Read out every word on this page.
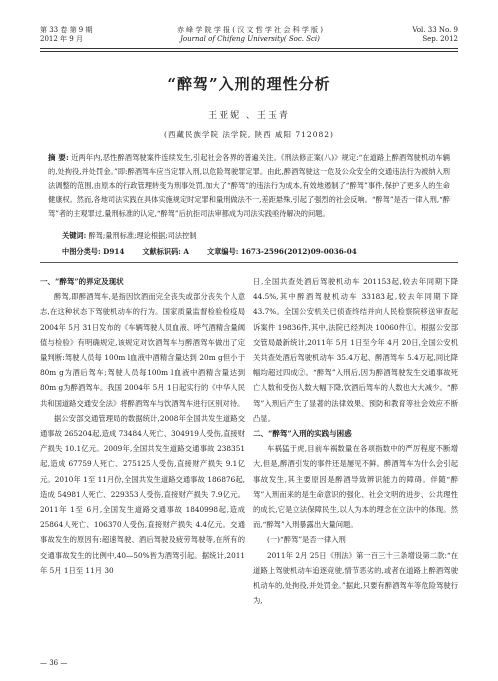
第 33 卷 第 9 期
2012 年 9 月
赤 峰 学 院 学 报 ( 汉 文 哲 学 社 会 科 学 版 )
Journal of Chifeng University( Soc. Sci)
Vol. 33 No. 9
Sep. 2012
“醉驾”入刑的理性分析
王亚妮 、王玉青
(西藏民族学院 法学院, 陕西 咸阳 712082)
摘 要: 近两年内,恶性醉酒驾驶案件连续发生,引起社会各界的普遍关注。《刑法修正案(八)》规定:“在道路上醉酒驾驶机动车辆的,处拘役,并处罚金。”即:醉酒驾车应当定罪入刑,以危险驾驶罪定罪。由此,醉酒驾驶这一危及公众安全的交通违法行为被纳入刑法调整的范围,由原本的行政管理转变为刑事处罚,加大了“醉驾”的违法行为成本,有效地遏制了“醉驾”事件,保护了更多人的生命健康权。然而,各地司法实践在具体实施规定时定罪和量刑做法不一,差距悬殊,引起了强烈的社会反响。“醉驾”是否一律入刑,“醉驾”者的主观罪过,量刑标准的认定,“醉驾”后抗拒司法审都成为司法实践亟待解决的问题。
关键词: 醉驾;量刑标准;理论根据;司法控制
中图分类号: D914	文献标识码: A	文章编号: 1673-2596(2012)09-0036-04
一、“醉驾”的界定及现状

醉驾,即醉酒驾车,是指因饮酒而完全丧失或部分丧失个人意志,在这种状态下驾驶机动车的行为。国家质量监督检验检疫局 2004年 5月 31日发布的《车辆驾驶人员血液、呼气酒精含量阈值与检验》有明确规定,该规定对饮酒驾车与醉酒驾车做出了定量判断:驾驶人员每 100m l血液中酒精含量达到 20m g但小于 80m g为酒后驾车;驾驶人员每100m l血液中酒精含量达到 80m g为醉酒驾车。我国 2004年 5月 1日起实行的《中华人民共和国道路交通安全法》将醉酒驾车与饮酒驾车进行区别对待。

据公安部交通管理局的数据统计,2008年全国共发生道路交通事故 265204起,造成 73484人死亡、304919人受伤,直接财产损失 10.1亿元。2009年,全国共发生道路交通事故 238351起,造成 67759人死亡、275125人受伤,直接财产损失 9.1亿元。2010年 1至 11月份,全国共发生道路交通事故 186876起,造成 54981人死亡、229353人受伤,直接财产损失 7.9亿元。2011年 1至 6月,全国发生道路交通事故 1840998起,造成 25864人死亡、106370人受伤,直接财产损失 4.4亿元。交通事故发生的原因有:超速驾驶、酒后驾驶及疲劳驾驶等,在所有的交通事故发生的比例中,40—50%皆为酒驾引起。据统计,2011年 5月 1日至 11月 30

日,全国共查处酒后驾驶机动车 201153起,较去年同期下降 44.5%,其中醉酒驾驶机动车 33183起,较去年同期下降 43.7%。全国公安机关已侦查终结并向人民检察院移送审查起诉案件 19836件,其中,法院已经判决 10060件①。根据公安部交管局最新统计,2011年 5月 1日至今年 4月 20日,全国公安机关共查处酒后驾驶机动车 35.4万起、醉酒驾车 5.4万起,同比降幅均超过四成②。“醉驾”入刑后,因为醉酒驾驶发生交通事故死亡人数和受伤人数大幅下降,饮酒后驾车的人数也大大减少。“醉驾”入刑后产生了显著的法律效果、预防和教育等社会效应不断凸显。

二、“醉驾”入刑的实践与困惑

车祸猛于虎,目前车祸数量在各项指数中的严厉程度不断增大,但是,醉酒引发的事件还是屡见不鲜。醉酒驾车为什么会引起事故发生,其主要原因是醉酒导致辨识能力的障碍。伴随“醉驾”入刑而来的是生命意识的强化、社会文明的进步、公共理性的成长,它是立法保障民生,以人为本的理念在立法中的体现。然而,“醉驾”入刑暴露出大量问题。

(一)“醉驾”是否一律入刑

2011年 2月 25日《刑法》第一百三十三条增设第二款:“在道路上驾驶机动车追逐竞驶,情节恶劣的,或者在道路上醉酒驾驶机动车的,处拘役,并处罚金。”据此,只要有醉酒驾车等危险驾驶行为,

— 36 —
